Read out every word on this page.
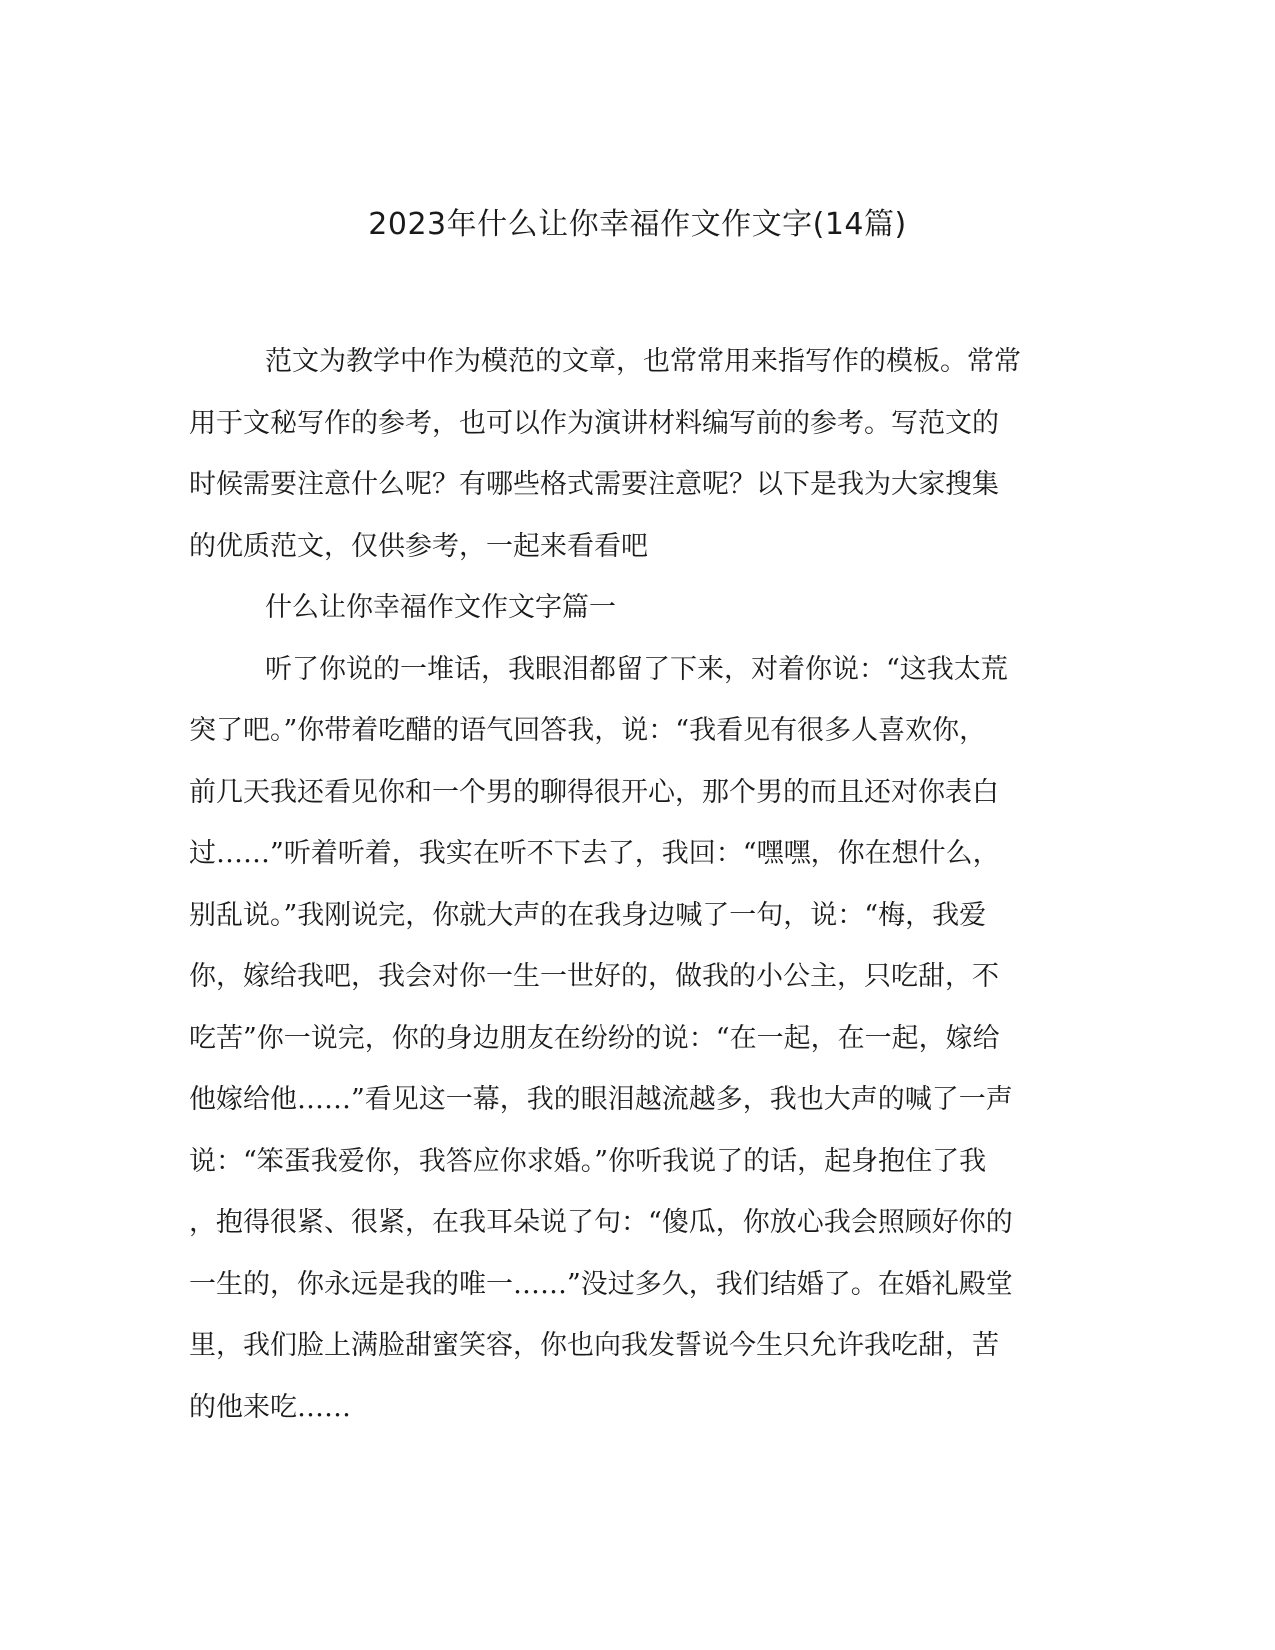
2023年什么让你幸福作文作文字(14篇)
范文为教学中作为模范的文章，也常常用来指写作的模板。常常
用于文秘写作的参考，也可以作为演讲材料编写前的参考。写范文的
时候需要注意什么呢？有哪些格式需要注意呢？以下是我为大家搜集
的优质范文，仅供参考，一起来看看吧
什么让你幸福作文作文字篇一
听了你说的一堆话，我眼泪都留了下来，对着你说：“这我太荒
突了吧。”你带着吃醋的语气回答我，说：“我看见有很多人喜欢你，
前几天我还看见你和一个男的聊得很开心，那个男的而且还对你表白
过……”听着听着，我实在听不下去了，我回：“嘿嘿，你在想什么，
别乱说。”我刚说完，你就大声的在我身边喊了一句，说：“梅，我爱
你，嫁给我吧，我会对你一生一世好的，做我的小公主，只吃甜，不
吃苦”你一说完，你的身边朋友在纷纷的说：“在一起，在一起，嫁给
他嫁给他……”看见这一幕，我的眼泪越流越多，我也大声的喊了一声
说：“笨蛋我爱你，我答应你求婚。”你听我说了的话，起身抱住了我
，抱得很紧、很紧，在我耳朵说了句：“傻瓜，你放心我会照顾好你的
一生的，你永远是我的唯一……”没过多久，我们结婚了。在婚礼殿堂
里，我们脸上满脸甜蜜笑容，你也向我发誓说今生只允许我吃甜，苦
的他来吃……
